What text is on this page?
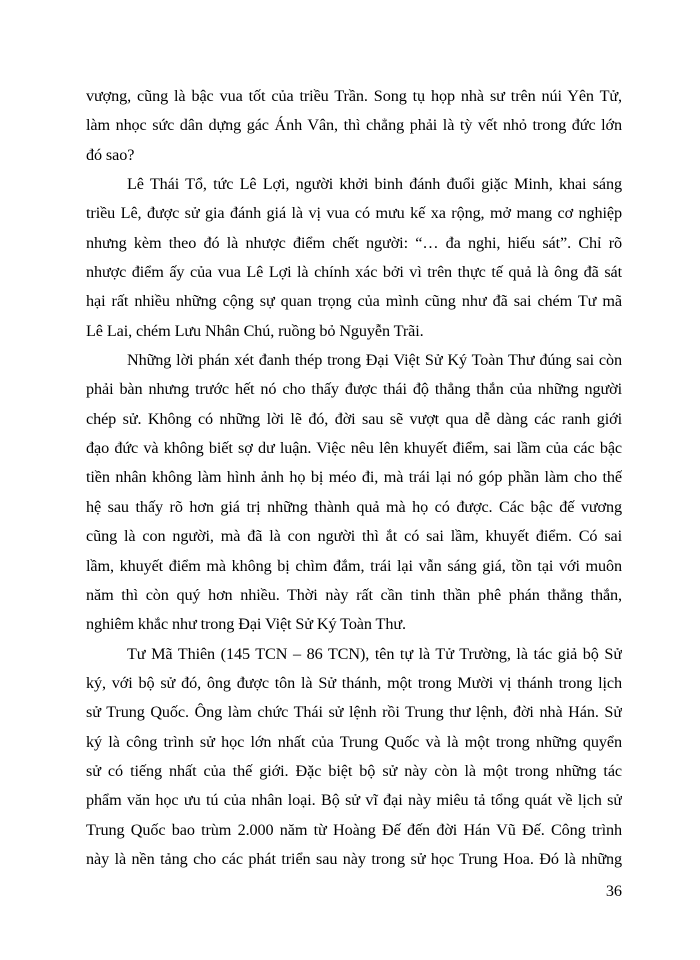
vượng, cũng là bậc vua tốt của triều Trần. Song tụ họp nhà sư trên núi Yên Tử,
làm nhọc sức dân dựng gác Ánh Vân, thì chẳng phải là tỳ vết nhỏ trong đức lớn
đó sao?
Lê Thái Tổ, tức Lê Lợi, người khởi binh đánh đuổi giặc Minh, khai sáng
triều Lê, được sử gia đánh giá là vị vua có mưu kế xa rộng, mở mang cơ nghiệp
nhưng kèm theo đó là nhược điểm chết người: “… đa nghi, hiếu sát”. Chỉ rõ
nhược điểm ấy của vua Lê Lợi là chính xác bởi vì trên thực tế quả là ông đã sát
hại rất nhiều những cộng sự quan trọng của mình cũng như đã sai chém Tư mã
Lê Lai, chém Lưu Nhân Chú, ruồng bỏ Nguyễn Trãi.
Những lời phán xét đanh thép trong Đại Việt Sử Ký Toàn Thư đúng sai còn
phải bàn nhưng trước hết nó cho thấy được thái độ thẳng thắn của những người
chép sử. Không có những lời lẽ đó, đời sau sẽ vượt qua dễ dàng các ranh giới
đạo đức và không biết sợ dư luận. Việc nêu lên khuyết điểm, sai lầm của các bậc
tiền nhân không làm hình ảnh họ bị méo đi, mà trái lại nó góp phần làm cho thế
hệ sau thấy rõ hơn giá trị những thành quả mà họ có được. Các bậc đế vương
cũng là con người, mà đã là con người thì ắt có sai lầm, khuyết điểm. Có sai
lầm, khuyết điểm mà không bị chìm đắm, trái lại vẫn sáng giá, tồn tại với muôn
năm thì còn quý hơn nhiều. Thời này rất cần tinh thần phê phán thẳng thắn,
nghiêm khắc như trong Đại Việt Sử Ký Toàn Thư.
Tư Mã Thiên (145 TCN – 86 TCN), tên tự là Tử Trường, là tác giả bộ Sử
ký, với bộ sử đó, ông được tôn là Sử thánh, một trong Mười vị thánh trong lịch
sử Trung Quốc. Ông làm chức Thái sử lệnh rồi Trung thư lệnh, đời nhà Hán. Sử
ký là công trình sử học lớn nhất của Trung Quốc và là một trong những quyển
sử có tiếng nhất của thế giới. Đặc biệt bộ sử này còn là một trong những tác
phẩm văn học ưu tú của nhân loại. Bộ sử vĩ đại này miêu tả tổng quát về lịch sử
Trung Quốc bao trùm 2.000 năm từ Hoàng Đế đến đời Hán Vũ Đế. Công trình
này là nền tảng cho các phát triển sau này trong sử học Trung Hoa. Đó là những
36
